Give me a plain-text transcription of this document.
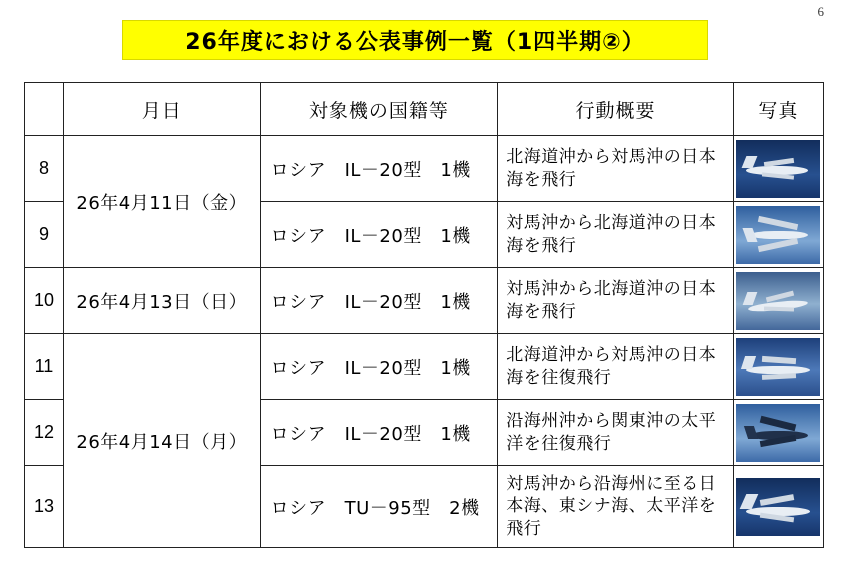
6
26年度における公表事例一覧（1四半期②）
	月日	対象機の国籍等	行動概要	写真
8	26年4月11日（金）	ロシア　IL－20型　1機	北海道沖から対馬沖の日本海を飛行	

9		ロシア　IL－20型　1機	対馬沖から北海道沖の日本海を飛行	

10	26年4月13日（日）	ロシア　IL－20型　1機	対馬沖から北海道沖の日本海を飛行	

11	26年4月14日（月）	ロシア　IL－20型　1機	北海道沖から対馬沖の日本海を往復飛行	

12		ロシア　IL－20型　1機	沿海州沖から関東沖の太平洋を往復飛行	

13		ロシア　TU－95型　2機	対馬沖から沿海州に至る日本海、東シナ海、太平洋を飛行	
